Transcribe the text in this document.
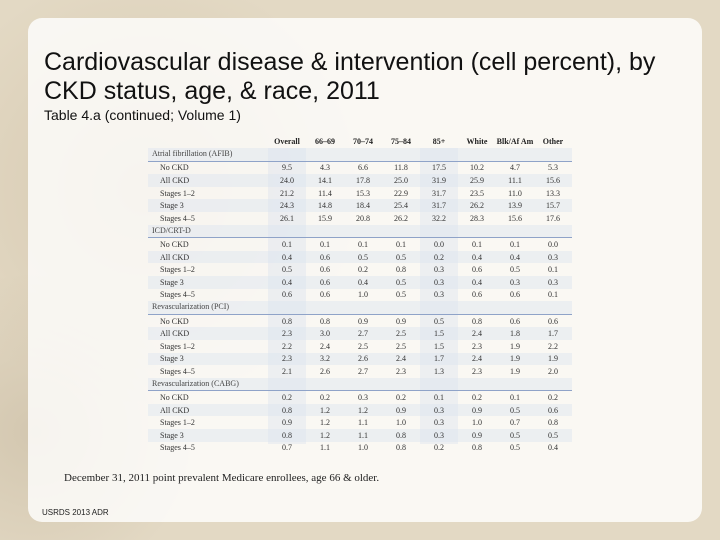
Cardiovascular disease & intervention (cell percent), by CKD status, age, & race, 2011
Table 4.a (continued; Volume 1)
Overall	66–69	70–74	75–84	85+	White	Blk/Af Am	Other
Atrial fibrillation (AFIB)
No CKD	9.5	4.3	6.6	11.8	17.5	10.2	4.7	5.3
All CKD	24.0	14.1	17.8	25.0	31.9	25.9	11.1	15.6
Stages 1–2	21.2	11.4	15.3	22.9	31.7	23.5	11.0	13.3
Stage 3	24.3	14.8	18.4	25.4	31.7	26.2	13.9	15.7
Stages 4–5	26.1	15.9	20.8	26.2	32.2	28.3	15.6	17.6
ICD/CRT-D
No CKD	0.1	0.1	0.1	0.1	0.0	0.1	0.1	0.0
All CKD	0.4	0.6	0.5	0.5	0.2	0.4	0.4	0.3
Stages 1–2	0.5	0.6	0.2	0.8	0.3	0.6	0.5	0.1
Stage 3	0.4	0.6	0.4	0.5	0.3	0.4	0.3	0.3
Stages 4–5	0.6	0.6	1.0	0.5	0.3	0.6	0.6	0.1
Revascularization (PCI)
No CKD	0.8	0.8	0.9	0.9	0.5	0.8	0.6	0.6
All CKD	2.3	3.0	2.7	2.5	1.5	2.4	1.8	1.7
Stages 1–2	2.2	2.4	2.5	2.5	1.5	2.3	1.9	2.2
Stage 3	2.3	3.2	2.6	2.4	1.7	2.4	1.9	1.9
Stages 4–5	2.1	2.6	2.7	2.3	1.3	2.3	1.9	2.0
Revascularization (CABG)
No CKD	0.2	0.2	0.3	0.2	0.1	0.2	0.1	0.2
All CKD	0.8	1.2	1.2	0.9	0.3	0.9	0.5	0.6
Stages 1–2	0.9	1.2	1.1	1.0	0.3	1.0	0.7	0.8
Stage 3	0.8	1.2	1.1	0.8	0.3	0.9	0.5	0.5
Stages 4–5	0.7	1.1	1.0	0.8	0.2	0.8	0.5	0.4
December 31, 2011 point prevalent Medicare enrollees, age 66 & older.
USRDS 2013 ADR
